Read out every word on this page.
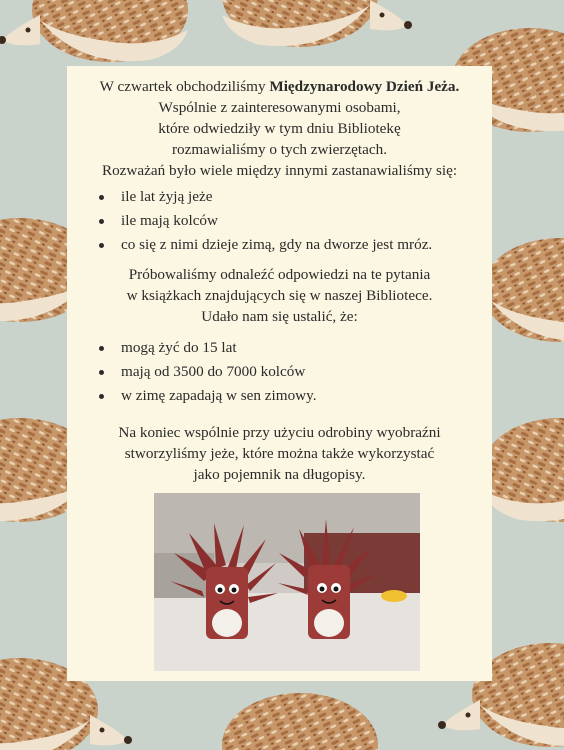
W czwartek obchodziliśmy Międzynarodowy Dzień Jeża.
Wspólnie z zainteresowanymi osobami,
które odwiedziły w tym dniu Bibliotekę
rozmawialiśmy o tych zwierzętach.
Rozważań było wiele między innymi zastanawialiśmy się:
ile lat żyją jeże
ile mają kolców
co się z nimi dzieje zimą, gdy na dworze jest mróz.
Próbowaliśmy odnaleźć odpowiedzi na te pytania
w książkach znajdujących się w naszej Bibliotece.
Udało nam się ustalić, że:
mogą żyć do 15 lat
mają od 3500 do 7000 kolców
w zimę zapadają w sen zimowy.
Na koniec wspólnie przy użyciu odrobiny wyobraźni
stworzyliśmy jeże, które można także wykorzystać
jako pojemnik na długopisy.
